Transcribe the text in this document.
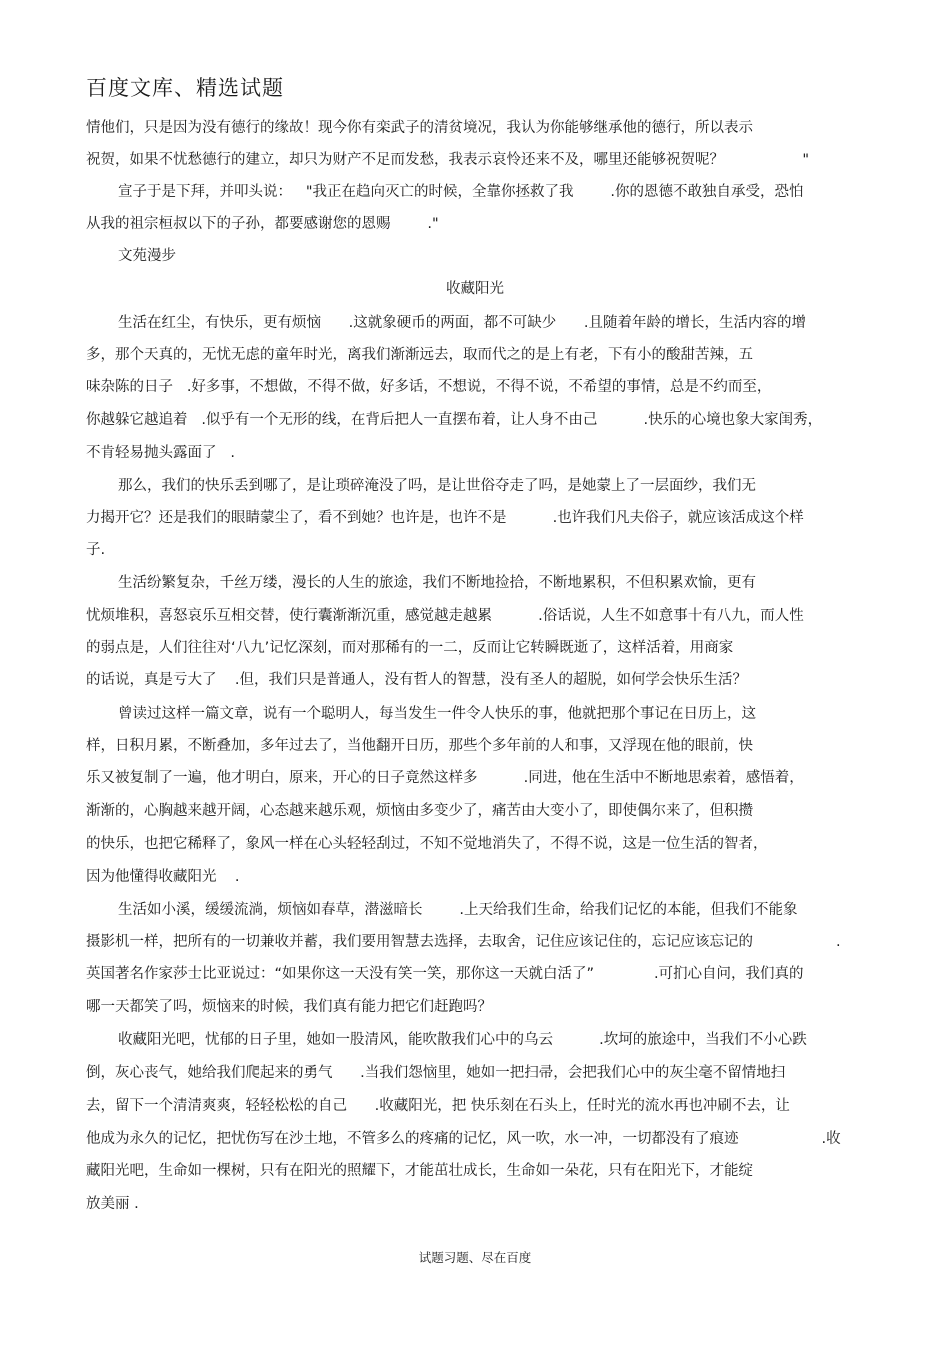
百度文库、精选试题
情他们，只是因为没有德行的缘故！现今你有栾武子的清贫境况，我认为你能够继承他的德行，所以表示
祝贺，如果不忧愁德行的建立，却只为财产不足而发愁，我表示哀怜还来不及，哪里还能够祝贺呢？                 "
宣子于是下拜，并叩头说：   "我正在趋向灭亡的时候，全靠你拯救了我        .你的恩德不敢独自承受，恐怕
从我的祖宗桓叔以下的子孙，都要感谢您的恩赐        ."
文苑漫步
收藏阳光
生活在红尘，有快乐，更有烦恼      .这就象硬币的两面，都不可缺少      .且随着年龄的增长，生活内容的增
多，那个天真的，无忧无虑的童年时光，离我们渐渐远去，取而代之的是上有老，下有小的酸甜苦辣，五
味杂陈的日子   .好多事，不想做，不得不做，好多话，不想说，不得不说，不希望的事情，总是不约而至，
你越躲它越追着   .似乎有一个无形的线，在背后把人一直摆布着，让人身不由己          .快乐的心境也象大家闺秀，
不肯轻易抛头露面了   .
那么，我们的快乐丢到哪了，是让琐碎淹没了吗，是让世俗夺走了吗，是她蒙上了一层面纱，我们无
力揭开它？还是我们的眼睛蒙尘了，看不到她？也许是，也许不是          .也许我们凡夫俗子，就应该活成这个样
子.
生活纷繁复杂，千丝万缕，漫长的人生的旅途，我们不断地捡拾，不断地累积，不但积累欢愉，更有
忧烦堆积，喜怒哀乐互相交替，使行囊渐渐沉重，感觉越走越累          .俗话说，人生不如意事十有八九，而人性
的弱点是，人们往往对‘八九’记忆深刻，而对那稀有的一二，反而让它转瞬既逝了，这样活着，用商家
的话说，真是亏大了    .但，我们只是普通人，没有哲人的智慧，没有圣人的超脱，如何学会快乐生活？
曾读过这样一篇文章，说有一个聪明人，每当发生一件令人快乐的事，他就把那个事记在日历上，这
样，日积月累，不断叠加，多年过去了，当他翻开日历，那些个多年前的人和事，又浮现在他的眼前，快
乐又被复制了一遍，他才明白，原来，开心的日子竟然这样多          .同进，他在生活中不断地思索着，感悟着，
渐渐的，心胸越来越开阔，心态越来越乐观，烦恼由多变少了，痛苦由大变小了，即使偶尔来了，但积攒
的快乐，也把它稀释了，象风一样在心头轻轻刮过，不知不觉地消失了，不得不说，这是一位生活的智者，
因为他懂得收藏阳光    .
生活如小溪，缓缓流淌，烦恼如春草，潜滋暗长        .上天给我们生命，给我们记忆的本能，但我们不能象
摄影机一样，把所有的一切兼收并蓄，我们要用智慧去选择，去取舍，记住应该记住的，忘记应该忘记的                  .
英国著名作家莎士比亚说过：“如果你这一天没有笑一笑，那你这一天就白活了”             .可扪心自问，我们真的
哪一天都笑了吗，烦恼来的时候，我们真有能力把它们赶跑吗？
收藏阳光吧，忧郁的日子里，她如一股清风，能吹散我们心中的乌云          .坎坷的旅途中，当我们不小心跌
倒，灰心丧气，她给我们爬起来的勇气      .当我们怨恼里，她如一把扫帚，会把我们心中的灰尘毫不留情地扫
去，留下一个清清爽爽，轻轻松松的自己      .收藏阳光，把 快乐刻在石头上，任时光的流水再也冲刷不去，让
他成为永久的记忆，把忧伤写在沙土地，不管多么的疼痛的记忆，风一吹，水一冲，一切都没有了痕迹                  .收
藏阳光吧，生命如一棵树，只有在阳光的照耀下，才能茁壮成长，生命如一朵花，只有在阳光下，才能绽
放美丽 .
试题习题、尽在百度
